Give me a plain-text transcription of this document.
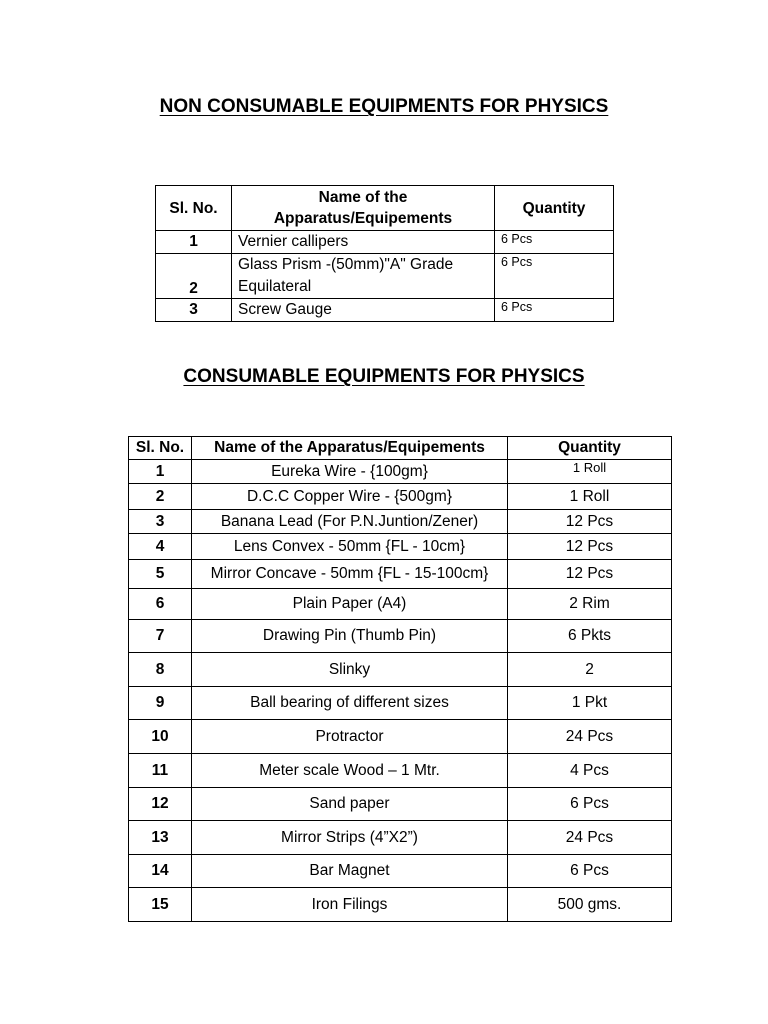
NON CONSUMABLE EQUIPMENTS FOR PHYSICS
Sl. No.	Name of the Apparatus/Equipements	Quantity
1	Vernier callipers	6 Pcs
2	Glass Prism -(50mm)"A" Grade Equilateral	6 Pcs
3	Screw Gauge	6 Pcs
CONSUMABLE EQUIPMENTS FOR PHYSICS
Sl. No.	Name of the Apparatus/Equipements	Quantity
1	Eureka Wire - {100gm}	1 Roll
2	D.C.C Copper Wire - {500gm}	1 Roll
3	Banana Lead (For P.N.Juntion/Zener)	12 Pcs
4	Lens Convex - 50mm {FL - 10cm}	12 Pcs
5	Mirror Concave - 50mm {FL - 15-100cm}	12 Pcs
6	Plain Paper (A4)	2 Rim
7	Drawing Pin (Thumb Pin)	6 Pkts
8	Slinky	2
9	Ball bearing of different sizes	1 Pkt
10	Protractor	24 Pcs
11	Meter scale Wood – 1 Mtr.	4 Pcs
12	Sand paper	6 Pcs
13	Mirror Strips (4”X2”)	24 Pcs
14	Bar Magnet	6 Pcs
15	Iron Filings	500 gms.
